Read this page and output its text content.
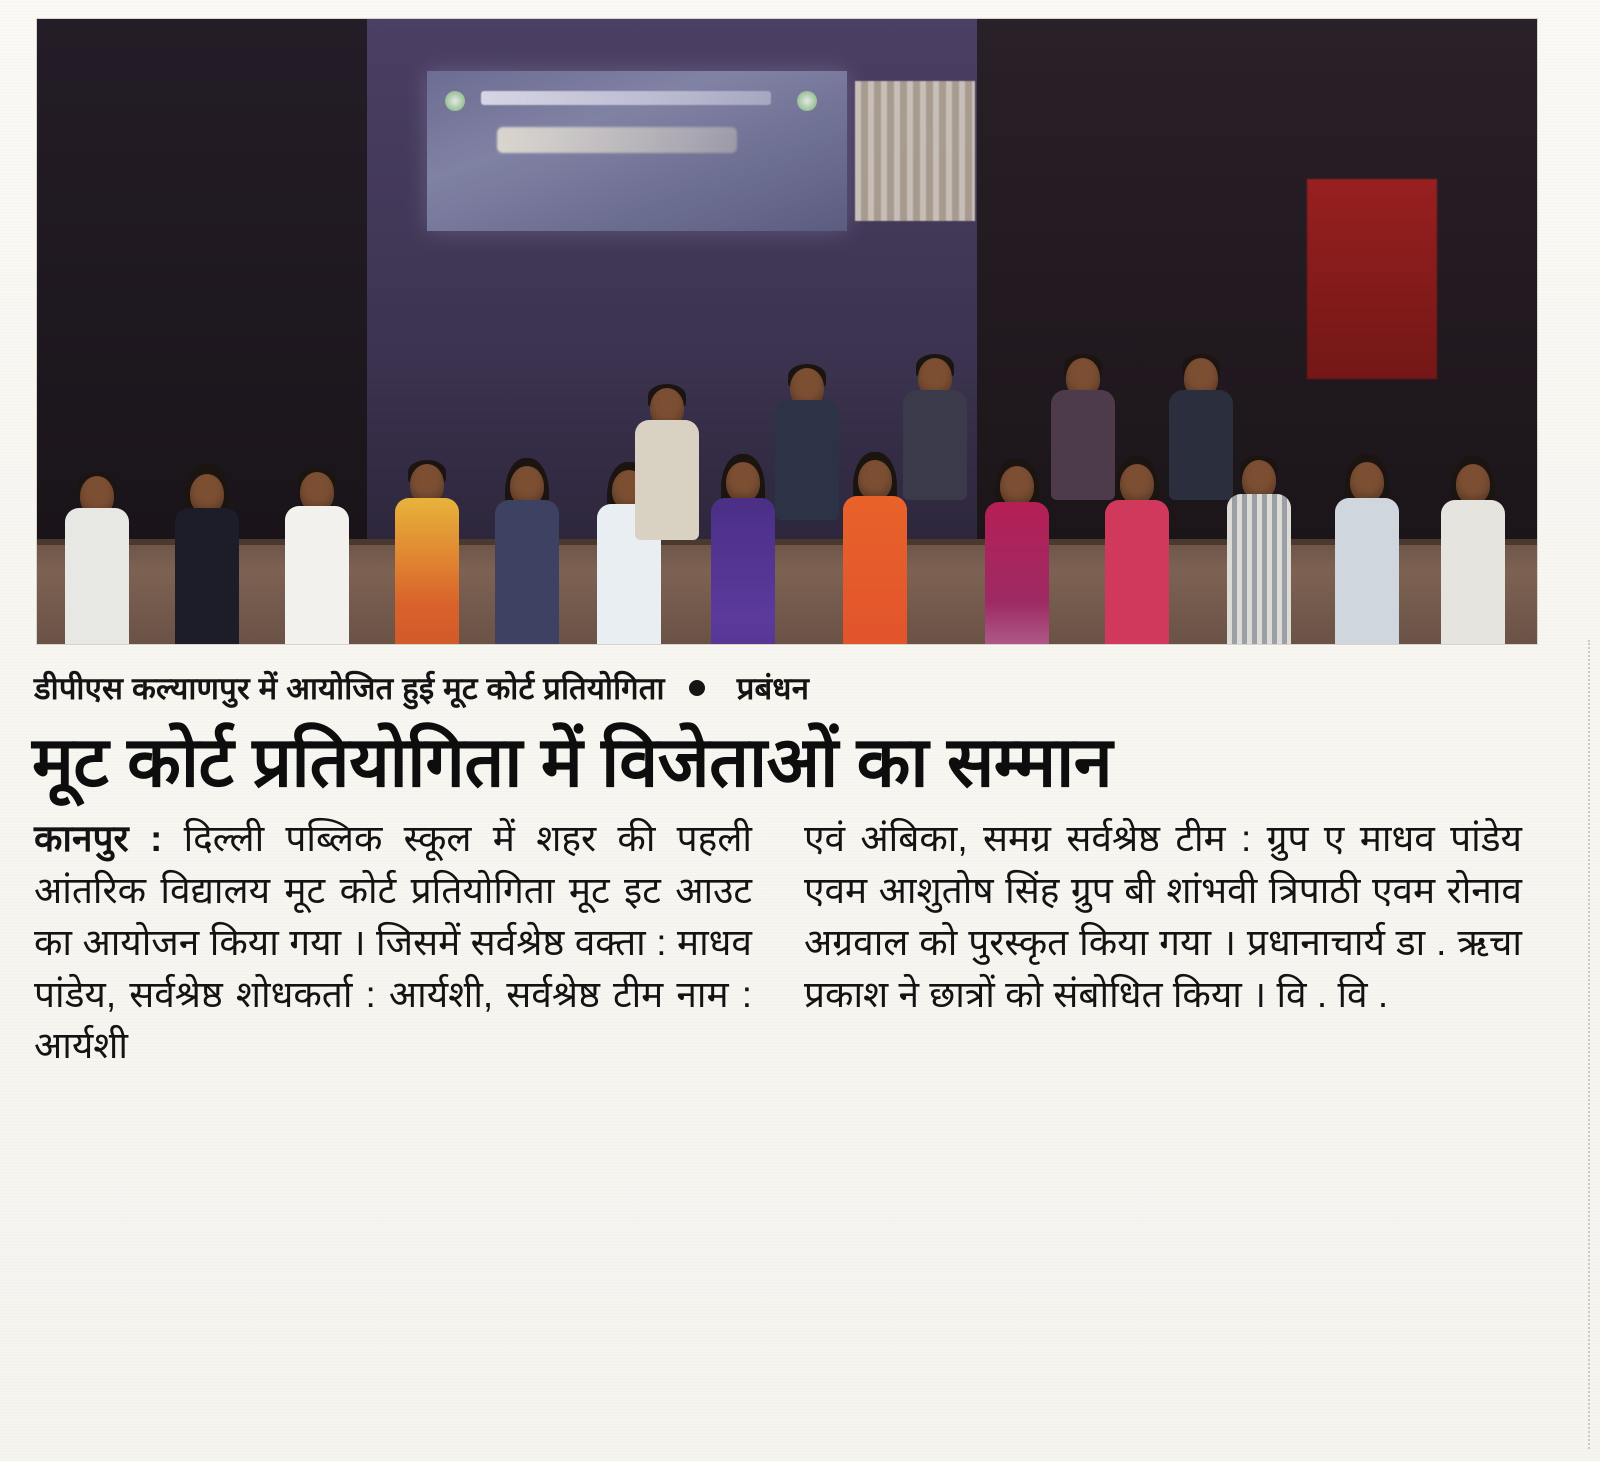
डीपीएस कल्याणपुर में आयोजित हुई मूट कोर्ट प्रतियोगिता प्रबंधन
मूट कोर्ट प्रतियोगिता में विजेताओं का सम्मान
कानपुर : दिल्ली पब्लिक स्कूल में शहर की पहली आंतरिक विद्यालय मूट कोर्ट प्रतियोगिता मूट इट आउट का आयोजन किया गया । जिसमें सर्वश्रेष्ठ वक्ता : माधव पांडेय, सर्वश्रेष्ठ शोधकर्ता : आर्यशी, सर्वश्रेष्ठ टीम नाम : आर्यशी
एवं अंबिका, समग्र सर्वश्रेष्ठ टीम : ग्रुप ए माधव पांडेय एवम आशुतोष सिंह ग्रुप बी शांभवी त्रिपाठी एवम रोनाव अग्रवाल को पुरस्कृत किया गया । प्रधानाचार्य डा . ऋचा प्रकाश ने छात्रों को संबोधित किया । वि . वि .
